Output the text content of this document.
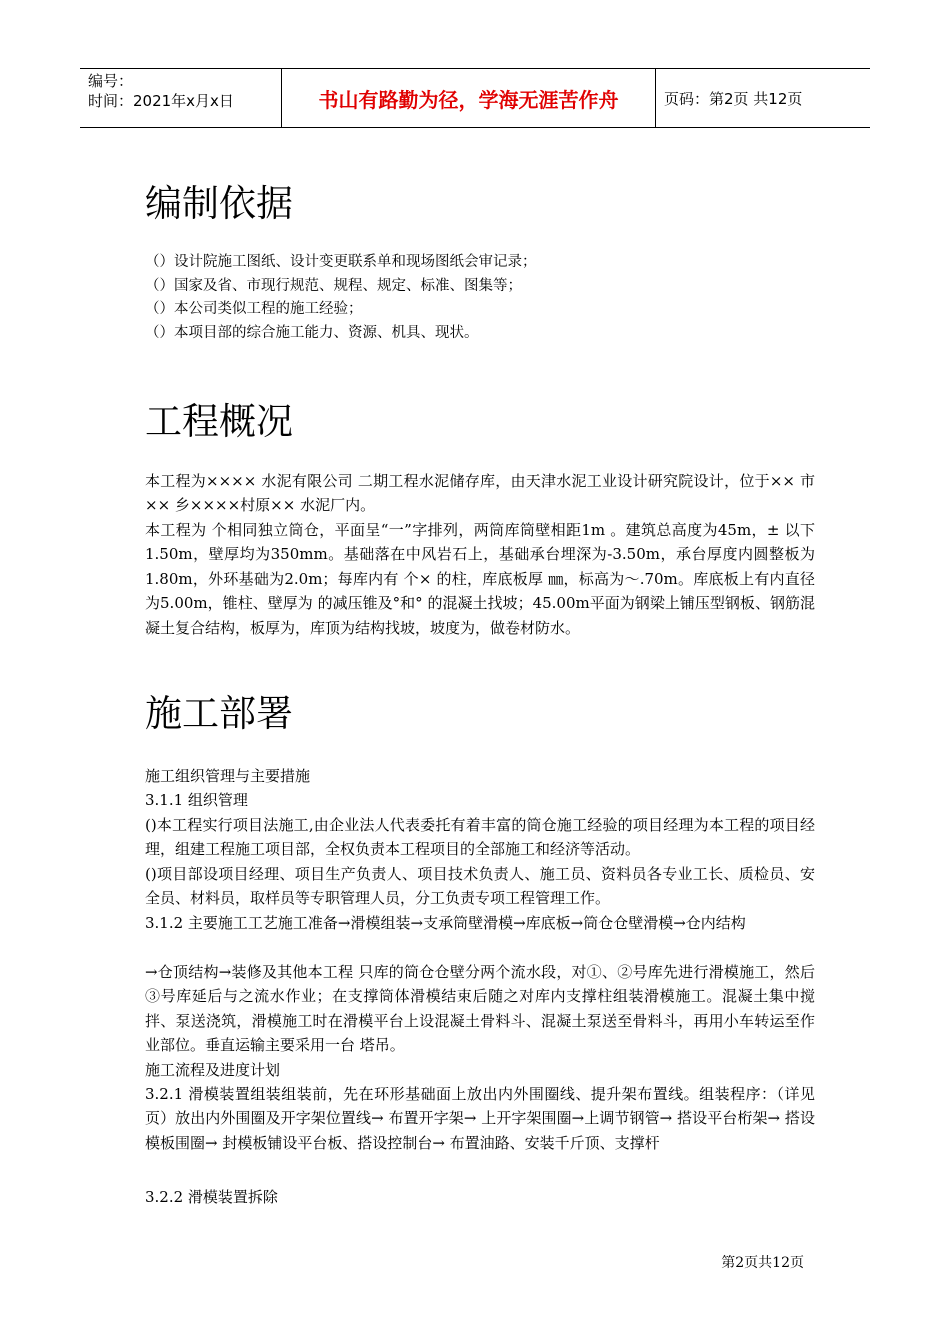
编号：
时间：2021年x月x日	书山有路勤为径，学海无涯苦作舟	页码：第2页 共12页
编制依据
（）设计院施工图纸、设计变更联系单和现场图纸会审记录；
（）国家及省、市现行规范、规程、规定、标准、图集等；
（）本公司类似工程的施工经验；
（）本项目部的综合施工能力、资源、机具、现状。
工程概况

本工程为×××× 水泥有限公司 二期工程水泥储存库，由天津水泥工业设计研究院设计，位于×× 市×× 乡××××村原×× 水泥厂内。

本工程为 个相同独立筒仓，平面呈“一”字排列，两筒库筒壁相距1m 。建筑总高度为45m，± 以下1.50m，壁厚均为350mm。基础落在中风岩石上，基础承台埋深为-3.50m，承台厚度内圆整板为1.80m，外环基础为2.0m；每库内有 个× 的柱，库底板厚 ㎜，标高为～.70m。库底板上有内直径为5.00m，锥柱、壁厚为 的减压锥及°和° 的混凝土找坡；45.00m平面为钢梁上铺压型钢板、钢筋混凝土复合结构，板厚为，库顶为结构找坡，坡度为，做卷材防水。

施工部署

施工组织管理与主要措施

3.1.1 组织管理

()本工程实行项目法施工,由企业法人代表委托有着丰富的筒仓施工经验的项目经理为本工程的项目经理，组建工程施工项目部，全权负责本工程项目的全部施工和经济等活动。

()项目部设项目经理、项目生产负责人、项目技术负责人、施工员、资料员各专业工长、质检员、安全员、材料员，取样员等专职管理人员，分工负责专项工程管理工作。

3.1.2 主要施工工艺施工准备→滑模组装→支承筒壁滑模→库底板→筒仓仓壁滑模→仓内结构

→仓顶结构→装修及其他本工程 只库的筒仓仓壁分两个流水段，对①、②号库先进行滑模施工，然后③号库延后与之流水作业；在支撑筒体滑模结束后随之对库内支撑柱组装滑模施工。混凝土集中搅拌、泵送浇筑，滑模施工时在滑模平台上设混凝土骨料斗、混凝土泵送至骨料斗，再用小车转运至作业部位。垂直运输主要采用一台 塔吊。

施工流程及进度计划

3.2.1 滑模装置组装组装前，先在环形基础面上放出内外围圈线、提升架布置线。组装程序：（详见 页）放出内外围圈及开字架位置线→ 布置开字架→ 上开字架围圈→上调节钢管→ 搭设平台桁架→ 搭设模板围圈→ 封模板铺设平台板、搭设控制台→ 布置油路、安装千斤顶、支撑杆

3.2.2 滑模装置拆除

第2页共12页
